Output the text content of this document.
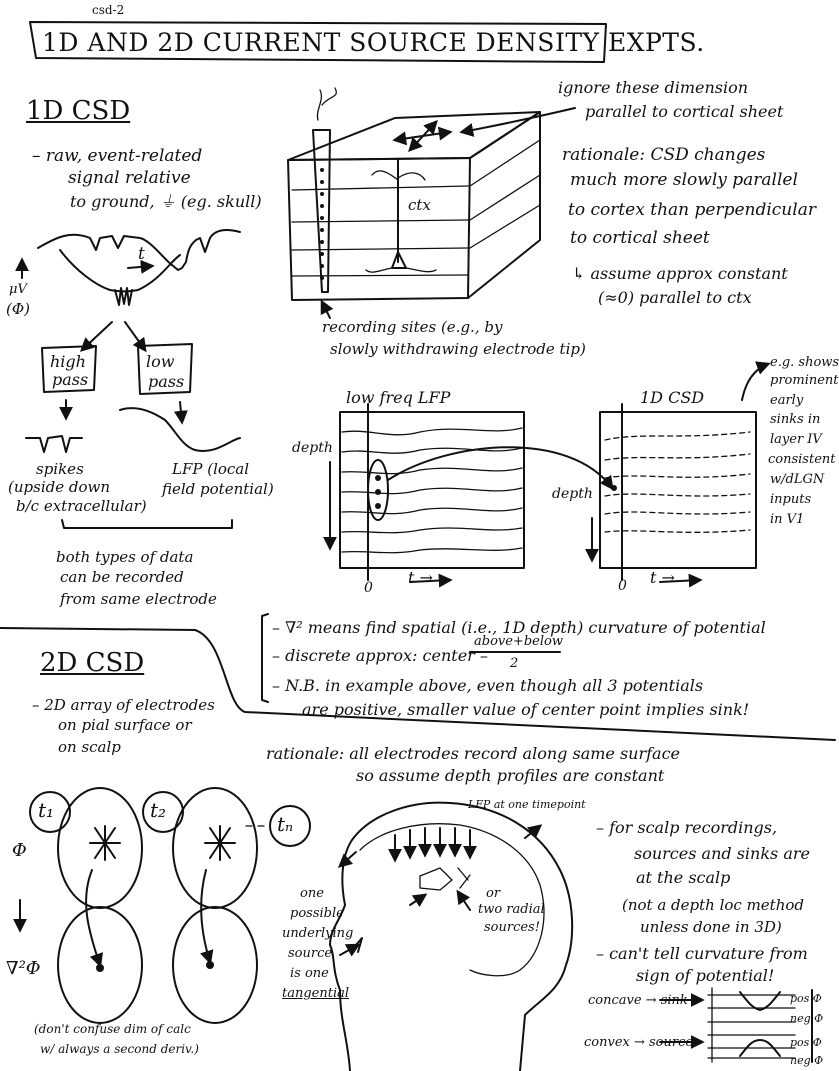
csd-2
1D AND 2D CURRENT SOURCE DENSITY EXPTS.
1D CSD
– raw, event-related
signal relative
to ground, ⏚ (eg. skull)
μV
(Φ)
t
high
pass
low
pass
spikes
(upside down
b/c extracellular)
LFP (local
field potential)
both types of data
can be recorded
from same electrode
ctx
ignore these dimension
parallel to cortical sheet
rationale: CSD changes
much more slowly parallel
to cortex than perpendicular
to cortical sheet
↳ assume approx constant
(≈0) parallel to ctx
recording sites (e.g., by
slowly withdrawing electrode tip)
low freq LFP	1D CSD
depth
depth
0	0
t →	t →
e.g. shows
prominent
early
sinks in
layer IV
consistent
w/dLGN
inputs
in V1
– ∇² means find spatial (i.e., 1D depth) curvature of potential
– discrete approx: center –
above+below
2
– N.B. in example above, even though all 3 potentials
are positive, smaller value of center point implies sink!
2D CSD
– 2D array of electrodes
on pial surface or
on scalp	rationale: all electrodes record along same surface
so assume depth profiles are constant
t₁	t₂
tₙ
Φ
∇²Φ
(don't confuse dim of calc
w/ always a second deriv.)
LFP at one timepoint
one
possible
underlying
source
is one
tangential
or
two radial
sources!
– for scalp recordings,
sources and sinks are
at the scalp
(not a depth loc method
unless done in 3D)
– can't tell curvature from
sign of potential!
concave → sink
convex → source
pos Φ
neg Φ
pos Φ
neg Φ
